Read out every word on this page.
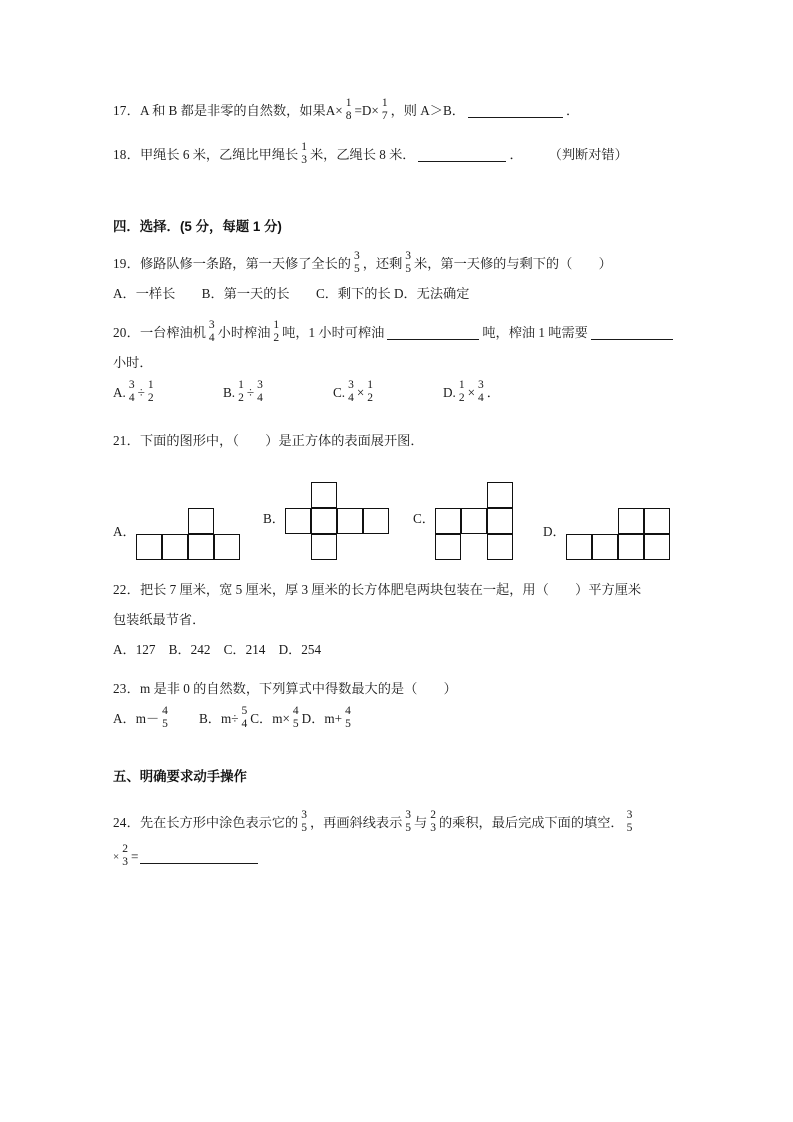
17． A 和 B 都是非零的自然数，如果 A× 1
8 =D× 1
7 ，则 A＞B．	．
18． 甲绳长 6 米，乙绳比甲绳长 1
3 米，乙绳长 8 米．	．	（判断对错）
四．选择．(5 分，每题 1 分)
19． 修路队修一条路，第一天修了全长的 3
5 ，还剩 3
5 米，第一天修的与剩下的（　　）
A．一样长　　B．第一天的长　　C．剩下的长 D．无法确定
20． 一台榨油机 3
4 小时榨油 1
2 吨，1 小时可榨油	吨，榨油 1 吨需要
小时．
A. 3
4 ÷ 1
2	B. 1
2 ÷ 3
4	C. 3
4 × 1
2	D. 1
2 × 3
4 ．
21． 下面的图形中，（　　）是正方体的表面展开图．
A．
B．	C．
D．
22． 把长 7 厘米，宽 5 厘米，厚 3 厘米的长方体肥皂两块包装在一起，用（　　）平方厘米
包装纸最节省．
A．127　B．242　C．214　D．254
23． m 是非 0 的自然数，下列算式中得数最大的是（　　）
A．m－ 4
5 B．m÷ 5
4 C．m× 4
5 D．m+ 4
5
五、明确要求动手操作
24． 先在长方形中涂色表示它的 3
5 ，再画斜线表示 3
5 与 2
3 的乘积，最后完成下面的填空． 3
5
×
2
3 =
